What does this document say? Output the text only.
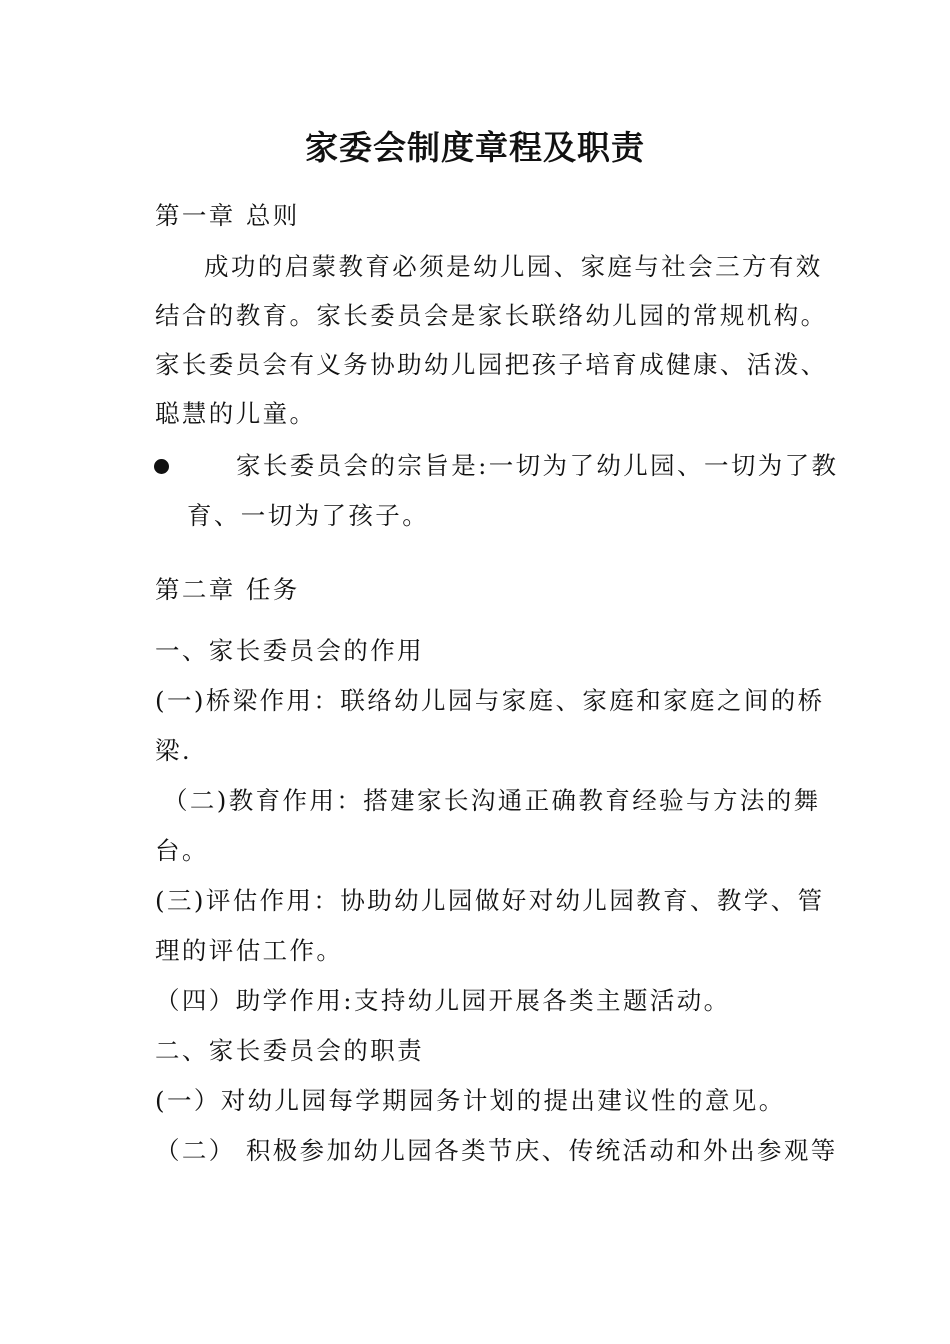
家委会制度章程及职责
第一章 总则
成功的启蒙教育必须是幼儿园、家庭与社会三方有效
结合的教育。家长委员会是家长联络幼儿园的常规机构。
家长委员会有义务协助幼儿园把孩子培育成健康、活泼、
聪慧的儿童。
家长委员会的宗旨是:一切为了幼儿园、一切为了教
育、一切为了孩子。
第二章 任务
一、家长委员会的作用
(一)桥梁作用：联络幼儿园与家庭、家庭和家庭之间的桥
梁.
（二)教育作用：搭建家长沟通正确教育经验与方法的舞
台。
(三)评估作用：协助幼儿园做好对幼儿园教育、教学、管
理的评估工作。
（四）助学作用:支持幼儿园开展各类主题活动。
二、家长委员会的职责
(一）对幼儿园每学期园务计划的提出建议性的意见。
（二） 积极参加幼儿园各类节庆、传统活动和外出参观等
